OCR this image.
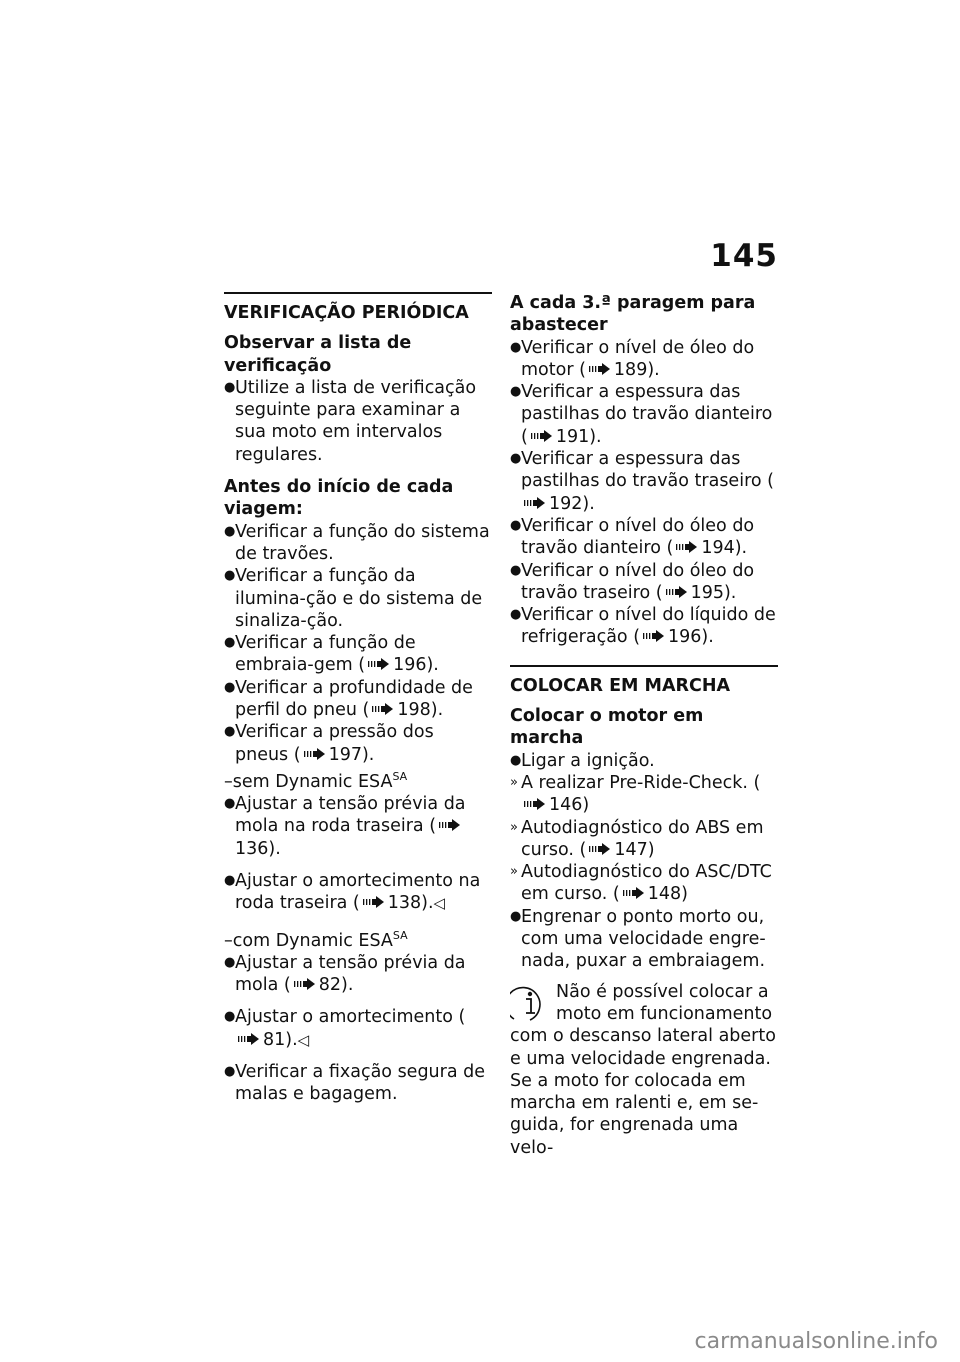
145
VERIFICAÇÃO PERIÓDICA
Observar a lista de verificação
● Utilize a lista de verificação seguinte para examinar a sua moto em intervalos regulares.
Antes do início de cada viagem:
● Verificar a função do sistema de travões.
● Verificar a função da ilumina-ção e do sistema de sinaliza-ção.
● Verificar a função de embraia-gem ( 196).
● Verificar a profundidade de perfil do pneu ( 198).
● Verificar a pressão dos pneus ( 197).
–sem Dynamic $ESA^{SA}$
● Ajustar a tensão prévia da mola na roda traseira (
136).
● Ajustar o amortecimento na roda traseira ( 138).◁
–com Dynamic $ESA^{SA}$
● Ajustar a tensão prévia da mola ( 82).
● Ajustar o amortecimento (
81).◁
● Verificar a fixação segura de malas e bagagem.
A cada 3.ª paragem para abastecer
● Verificar o nível de óleo do motor ( 189).
● Verificar a espessura das pastilhas do travão dianteiro ( 191).
● Verificar a espessura das pastilhas do travão traseiro (
192).
● Verificar o nível do óleo do travão dianteiro ( 194).
● Verificar o nível do óleo do travão traseiro ( 195).
● Verificar o nível do líquido de refrigeração ( 196).
COLOCAR EM MARCHA
Colocar o motor em marcha
● Ligar a ignição.
» A realizar Pre-Ride-Check. (
146)
» Autodiagnóstico do ABS em curso. ( 147)
» Autodiagnóstico do ASC/DTC em curso. ( 148)
● Engrenar o ponto morto ou, com uma velocidade engre-nada, puxar a embraiagem.
Não é possível colocar a moto em funcionamento com o descanso lateral aberto e uma velocidade engrenada. Se a moto for colocada em marcha em ralenti e, em se-guida, for engrenada uma velo-
carmanualsonline.info
